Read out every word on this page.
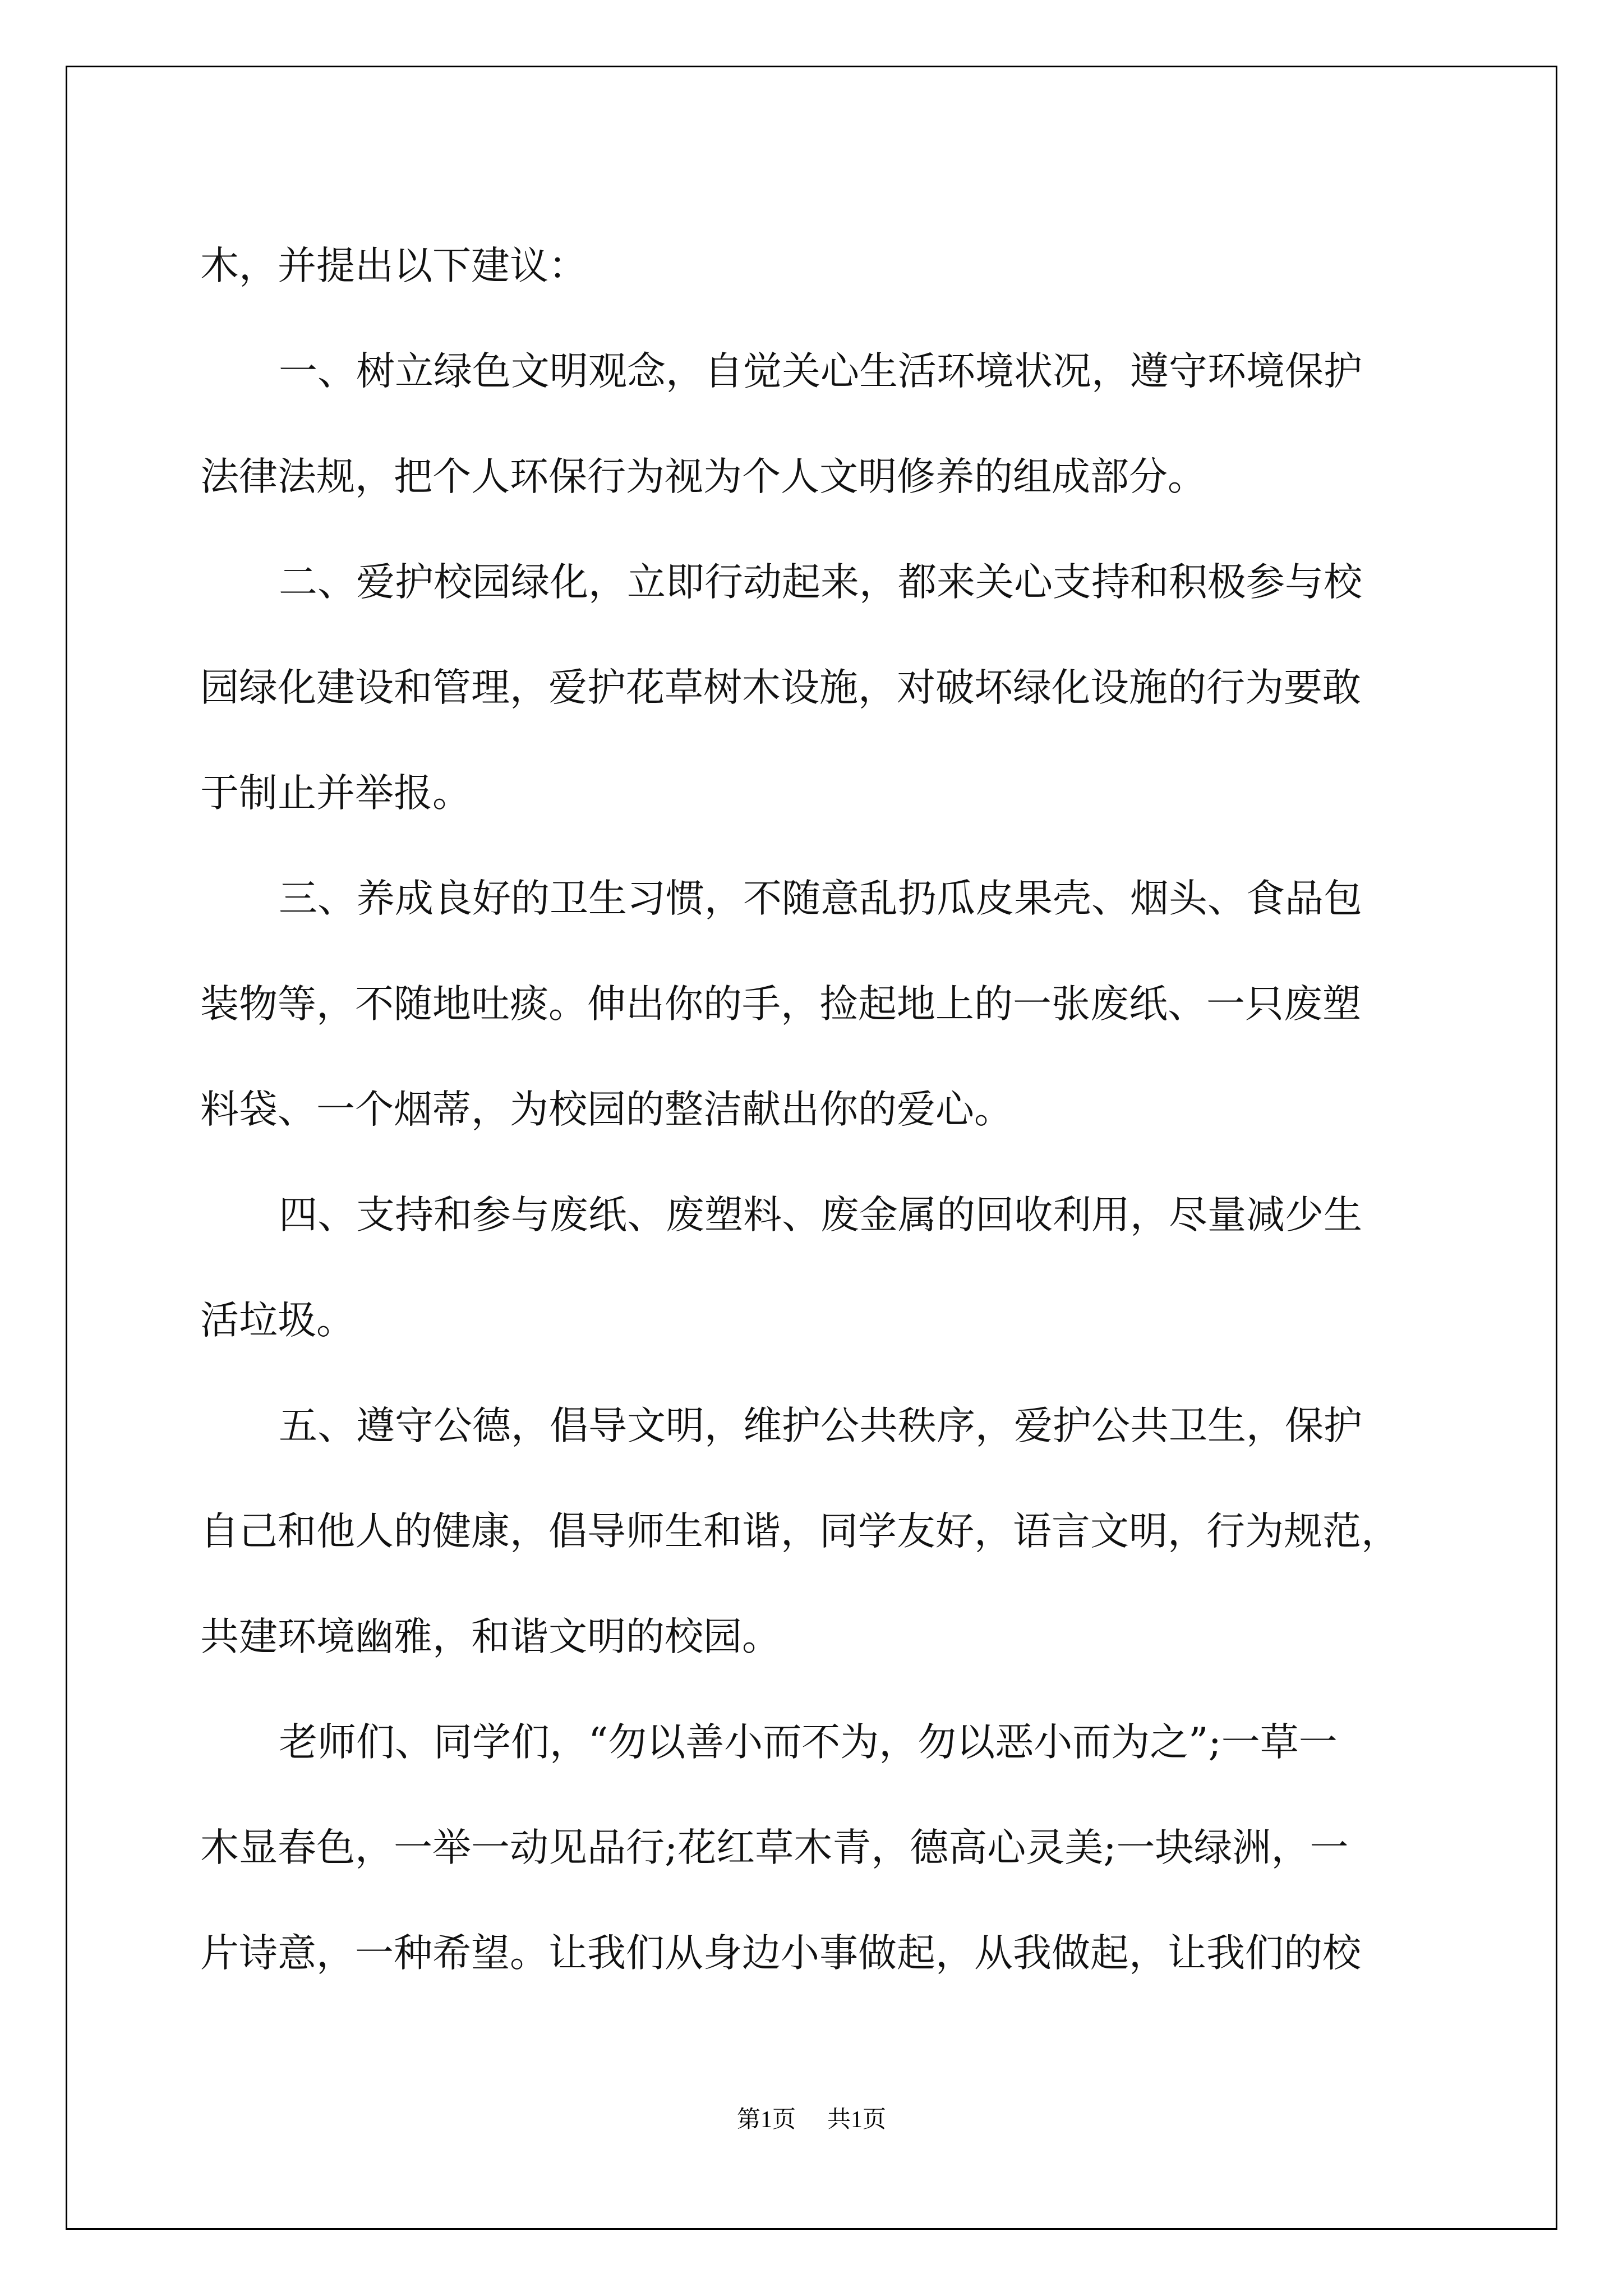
木，并提出以下建议：
一、树立绿色文明观念，自觉关心生活环境状况，遵守环境保护
法律法规，把个人环保行为视为个人文明修养的组成部分。
二、爱护校园绿化，立即行动起来，都来关心支持和积极参与校
园绿化建设和管理，爱护花草树木设施，对破坏绿化设施的行为要敢
于制止并举报。
三、养成良好的卫生习惯，不随意乱扔瓜皮果壳、烟头、食品包
装物等，不随地吐痰。伸出你的手，捡起地上的一张废纸、一只废塑
料袋、一个烟蒂，为校园的整洁献出你的爱心。
四、支持和参与废纸、废塑料、废金属的回收利用，尽量减少生
活垃圾。
五、遵守公德，倡导文明，维护公共秩序，爱护公共卫生，保护
自己和他人的健康，倡导师生和谐，同学友好，语言文明，行为规范，
共建环境幽雅，和谐文明的校园。
老师们、同学们，“勿以善小而不为，勿以恶小而为之”;一草一
木显春色，一举一动见品行;花红草木青，德高心灵美;一块绿洲，一
片诗意，一种希望。让我们从身边小事做起，从我做起，让我们的校
第1页 共1页
